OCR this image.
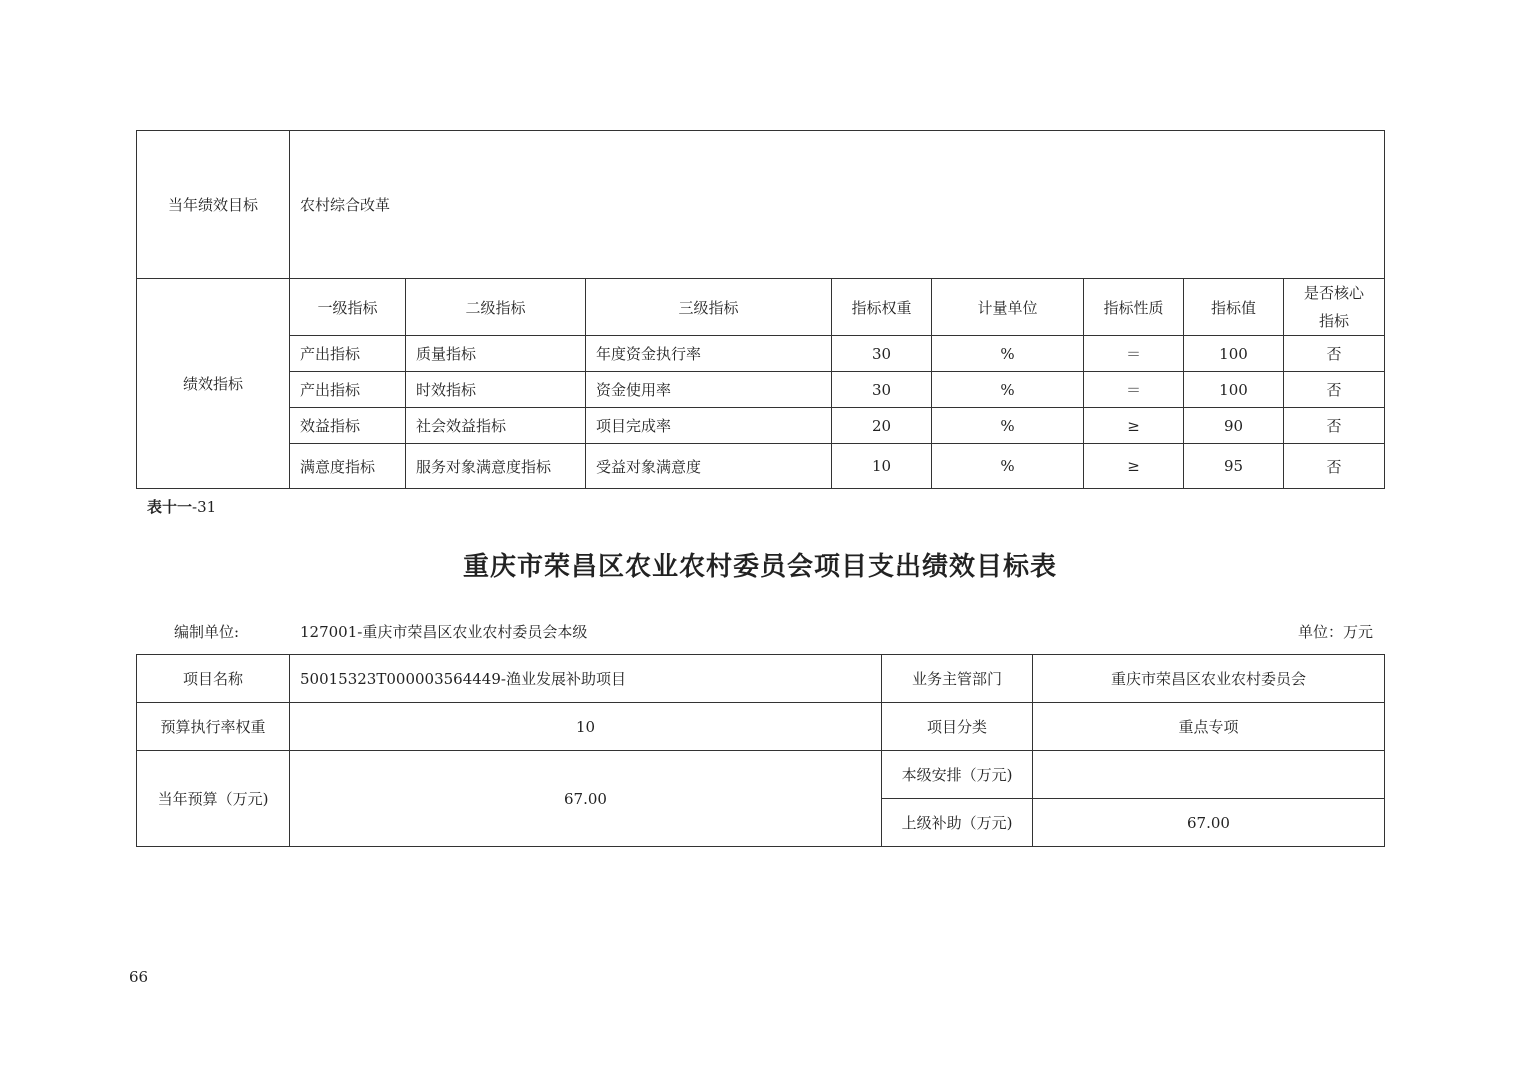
当年绩效目标	农村综合改革							
绩效指标	一级指标	二级指标	三级指标	指标权重	计量单位	指标性质	指标值	是否核心
指标
	产出指标	质量指标	年度资金执行率	30	%	＝	100	否
	产出指标	时效指标	资金使用率	30	%	＝	100	否
	效益指标	社会效益指标	项目完成率	20	%	≥	90	否
	满意度指标	服务对象满意度指标	受益对象满意度	10	%	≥	95	否
表十一-31
重庆市荣昌区农业农村委员会项目支出绩效目标表
编制单位:	127001-重庆市荣昌区农业农村委员会本级	单位：万元
项目名称	50015323T000003564449-渔业发展补助项目	业务主管部门	重庆市荣昌区农业农村委员会
预算执行率权重	10	项目分类	重点专项
当年预算（万元)	67.00	本级安排（万元)	
		上级补助（万元)	67.00
66
